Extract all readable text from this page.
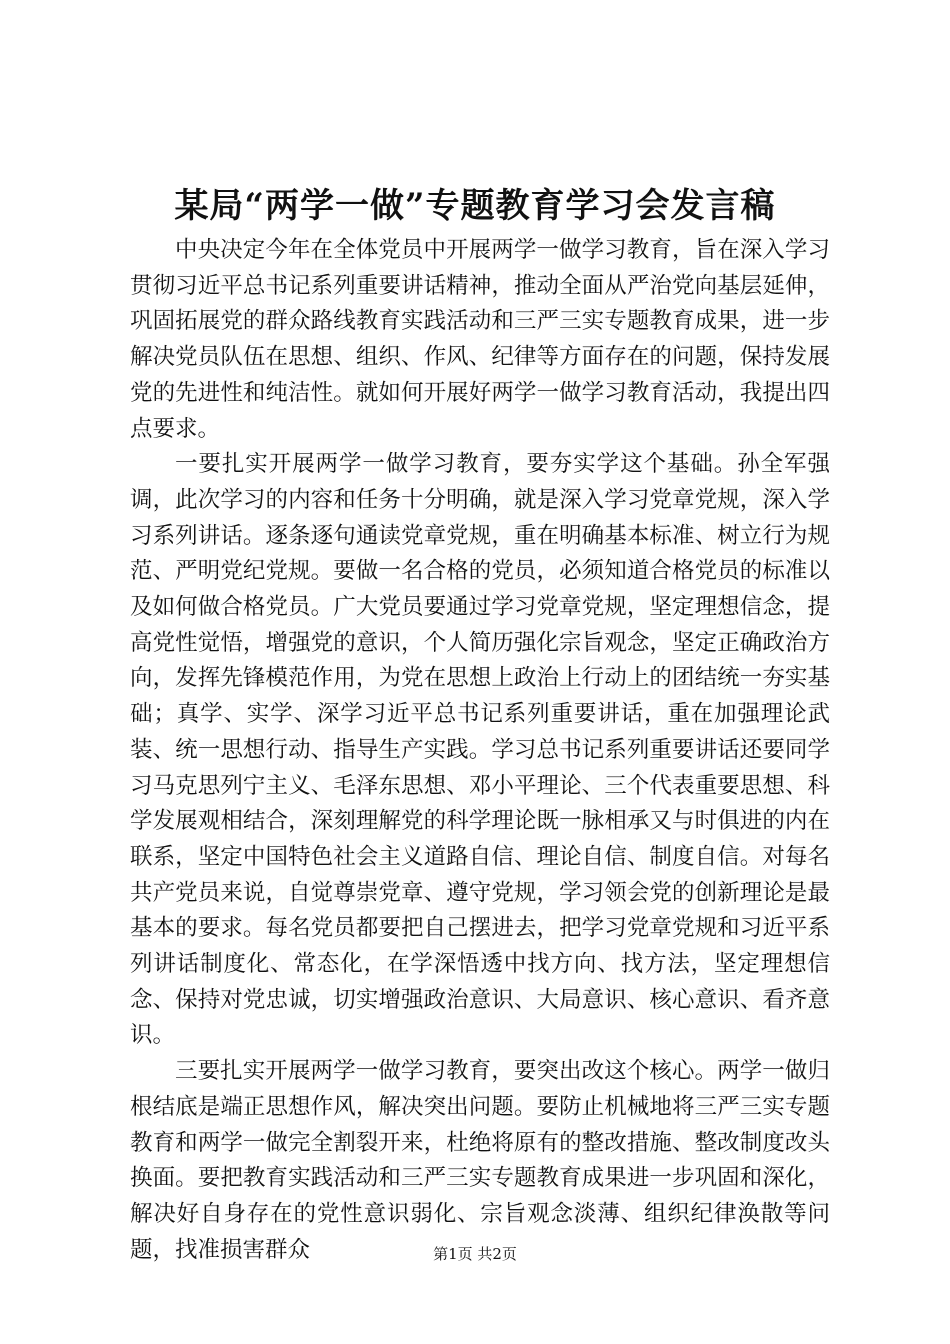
某局“两学一做”专题教育学习会发言稿

中央决定今年在全体党员中开展两学一做学习教育，旨在深入学习贯彻习近平总书记系列重要讲话精神，推动全面从严治党向基层延伸，巩固拓展党的群众路线教育实践活动和三严三实专题教育成果，进一步解决党员队伍在思想、组织、作风、纪律等方面存在的问题，保持发展党的先进性和纯洁性。就如何开展好两学一做学习教育活动，我提出四点要求。

一要扎实开展两学一做学习教育，要夯实学这个基础。孙全军强调，此次学习的内容和任务十分明确，就是深入学习党章党规，深入学习系列讲话。逐条逐句通读党章党规，重在明确基本标准、树立行为规范、严明党纪党规。要做一名合格的党员，必须知道合格党员的标准以及如何做合格党员。广大党员要通过学习党章党规，坚定理想信念，提高党性觉悟，增强党的意识，个人简历强化宗旨观念，坚定正确政治方向，发挥先锋模范作用，为党在思想上政治上行动上的团结统一夯实基础；真学、实学、深学习近平总书记系列重要讲话，重在加强理论武装、统一思想行动、指导生产实践。学习总书记系列重要讲话还要同学习马克思列宁主义、毛泽东思想、邓小平理论、三个代表重要思想、科学发展观相结合，深刻理解党的科学理论既一脉相承又与时俱进的内在联系，坚定中国特色社会主义道路自信、理论自信、制度自信。对每名共产党员来说，自觉尊崇党章、遵守党规，学习领会党的创新理论是最基本的要求。每名党员都要把自己摆进去，把学习党章党规和习近平系列讲话制度化、常态化，在学深悟透中找方向、找方法，坚定理想信念、保持对党忠诚，切实增强政治意识、大局意识、核心意识、看齐意识。

三要扎实开展两学一做学习教育，要突出改这个核心。两学一做归根结底是端正思想作风，解决突出问题。要防止机械地将三严三实专题教育和两学一做完全割裂开来，杜绝将原有的整改措施、整改制度改头换面。要把教育实践活动和三严三实专题教育成果进一步巩固和深化，解决好自身存在的党性意识弱化、宗旨观念淡薄、组织纪律涣散等问题，找准损害群众	第1页 共2页
